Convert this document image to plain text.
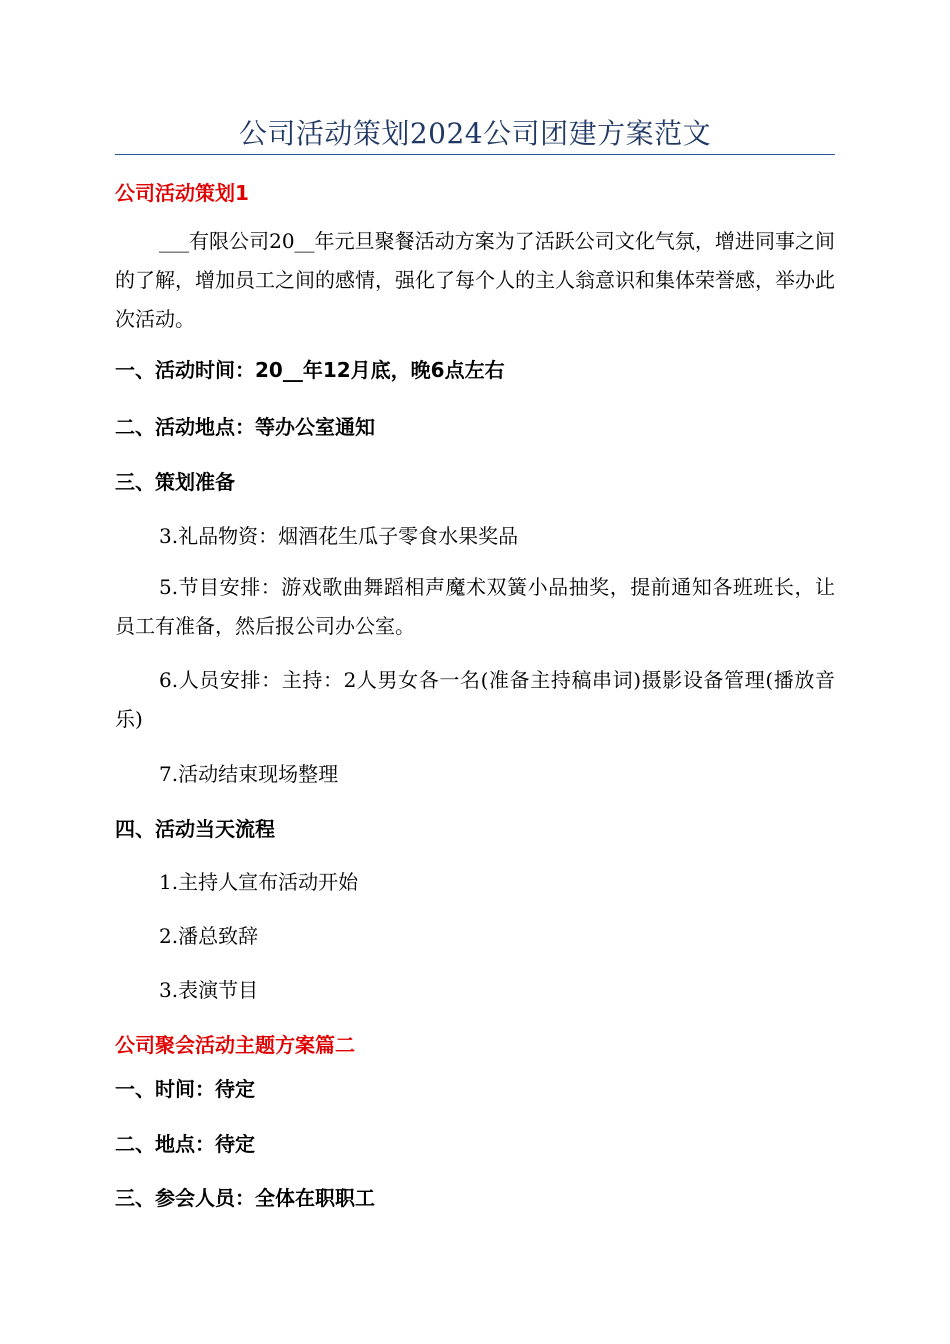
公司活动策划2024公司团建方案范文
公司活动策划1
___有限公司20__年元旦聚餐活动方案为了活跃公司文化气氛，增进同事之间的了解，增加员工之间的感情，强化了每个人的主人翁意识和集体荣誉感，举办此次活动。
一、活动时间：20__年12月底，晚6点左右
二、活动地点：等办公室通知
三、策划准备
3.礼品物资：烟酒花生瓜子零食水果奖品
5.节目安排：游戏歌曲舞蹈相声魔术双簧小品抽奖，提前通知各班班长，让员工有准备，然后报公司办公室。
6.人员安排：主持：2人男女各一名(准备主持稿串词)摄影设备管理(播放音乐)
7.活动结束现场整理
四、活动当天流程
1.主持人宣布活动开始
2.潘总致辞
3.表演节目
公司聚会活动主题方案篇二
一、时间：待定
二、地点：待定
三、参会人员：全体在职职工
